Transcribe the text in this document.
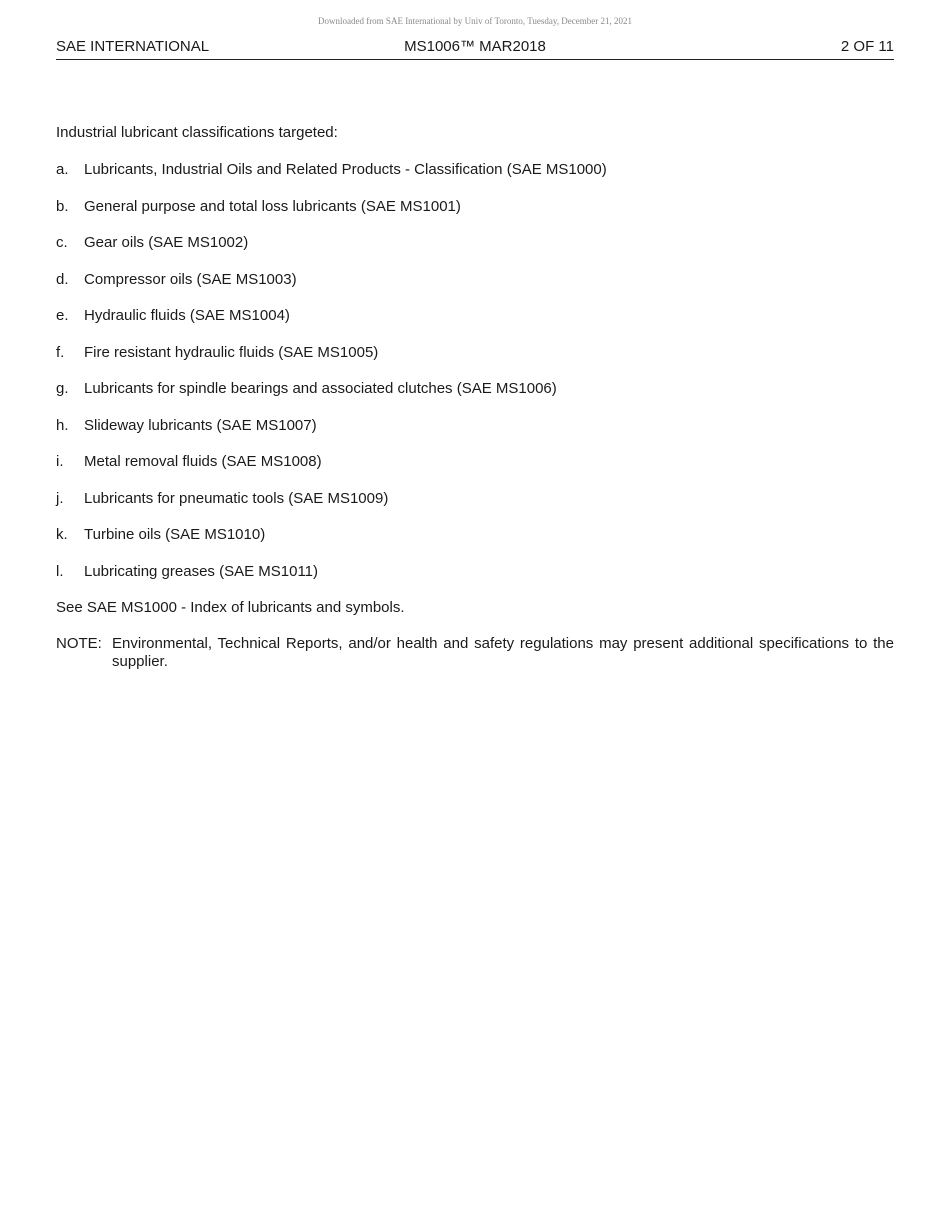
Downloaded from SAE International by Univ of Toronto, Tuesday, December 21, 2021
MS1006™ MAR2018
SAE INTERNATIONAL	2 OF 11
Industrial lubricant classifications targeted:
a. Lubricants, Industrial Oils and Related Products - Classification (SAE MS1000)
b. General purpose and total loss lubricants (SAE MS1001)
c. Gear oils (SAE MS1002)
d. Compressor oils (SAE MS1003)
e. Hydraulic fluids (SAE MS1004)
f. Fire resistant hydraulic fluids (SAE MS1005)
g. Lubricants for spindle bearings and associated clutches (SAE MS1006)
h. Slideway lubricants (SAE MS1007)
i. Metal removal fluids (SAE MS1008)
j. Lubricants for pneumatic tools (SAE MS1009)
k. Turbine oils (SAE MS1010)
l. Lubricating greases (SAE MS1011)
See SAE MS1000 - Index of lubricants and symbols.
NOTE: Environmental, Technical Reports, and/or health and safety regulations may present additional specifications to the supplier.
